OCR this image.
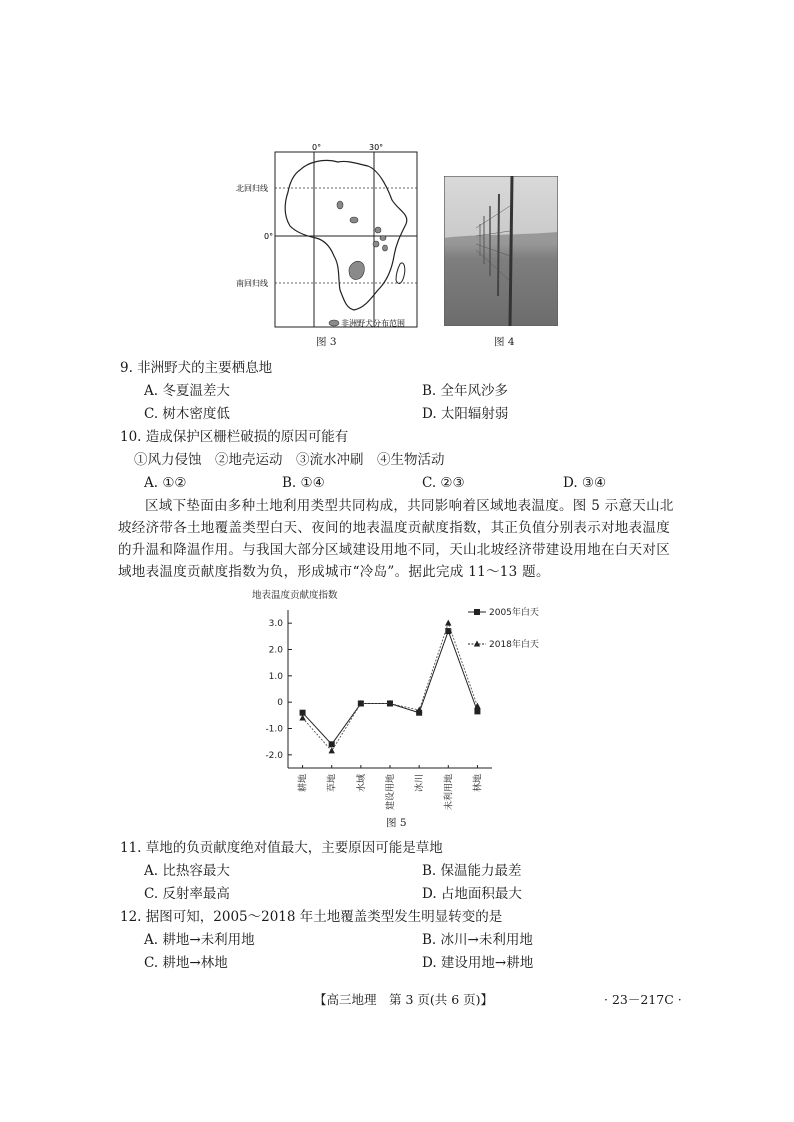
0°	30°
北回归线
0°
南回归线
非洲野犬分布范围
图 3	图 4
9. 非洲野犬的主要栖息地
A. 冬夏温差大	B. 全年风沙多
C. 树木密度低	D. 太阳辐射弱
10. 造成保护区栅栏破损的原因可能有
①风力侵蚀　②地壳运动　③流水冲刷　④生物活动
A. ①②	B. ①④	C. ②③	D. ③④
区域下垫面由多种土地利用类型共同构成，共同影响着区域地表温度。图 5 示意天山北坡经济带各土地覆盖类型白天、夜间的地表温度贡献度指数，其正负值分别表示对地表温度的升温和降温作用。与我国大部分区域建设用地不同，天山北坡经济带建设用地在白天对区域地表温度贡献度指数为负，形成城市“冷岛”。据此完成 11～13 题。
地表温度贡献度指数
3.0
2.0
1.0
0
-1.0
-2.0
耕地 草地 水域 建设用地 冰川 未利用地 林地
2005年白天
2018年白天
图 5
11. 草地的负贡献度绝对值最大，主要原因可能是草地
A. 比热容最大	B. 保温能力最差
C. 反射率最高	D. 占地面积最大
12. 据图可知，2005～2018 年土地覆盖类型发生明显转变的是
A. 耕地→未利用地	B. 冰川→未利用地
C. 耕地→林地	D. 建设用地→耕地
【高三地理　第 3 页(共 6 页)】	· 23－217C ·
